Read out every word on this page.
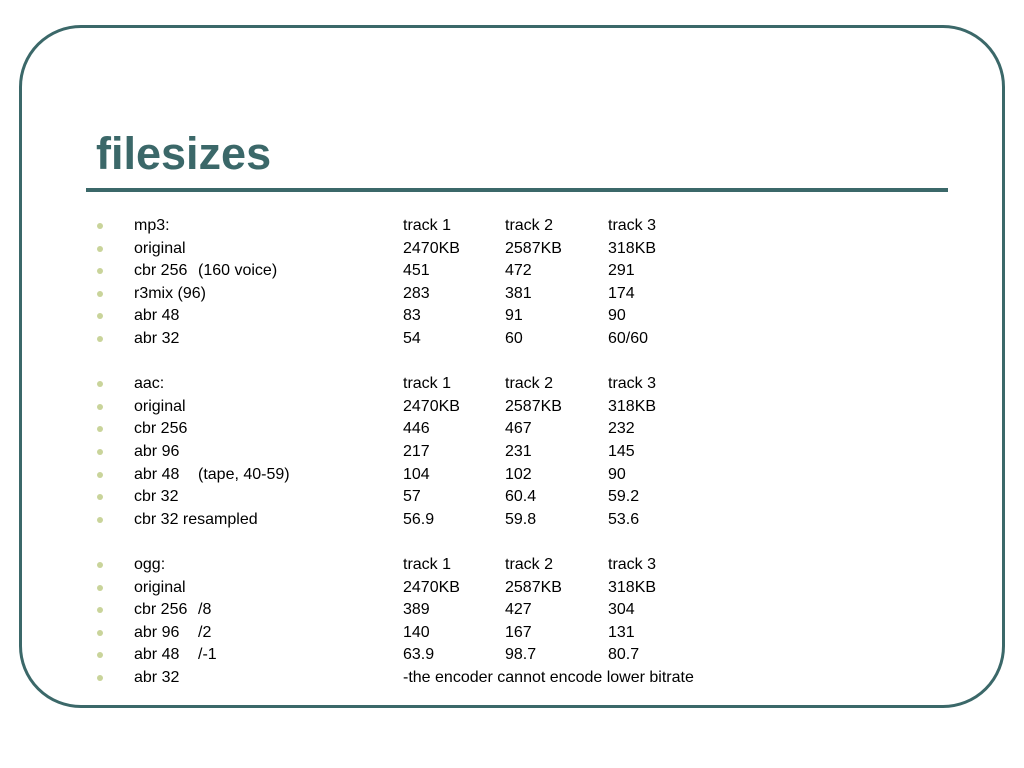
filesizes
mp3:	track 1	track 2	track 3
original	2470KB	2587KB	318KB
cbr 256 (160 voice)	451	472	291
r3mix (96)	283	381	174
abr 48	83	91	90
abr 32	54	60	60/60
aac:	track 1	track 2	track 3
original	2470KB	2587KB	318KB
cbr 256	446	467	232
abr 96	217	231	145
abr 48 (tape, 40-59)	104	102	90
cbr 32	57	60.4	59.2
cbr 32 resampled	56.9	59.8	53.6
ogg:	track 1	track 2	track 3
original	2470KB	2587KB	318KB
cbr 256 /8	389	427	304
abr 96 /2	140	167	131
abr 48 /-1	63.9	98.7	80.7
abr 32	-the encoder cannot encode lower bitrate
